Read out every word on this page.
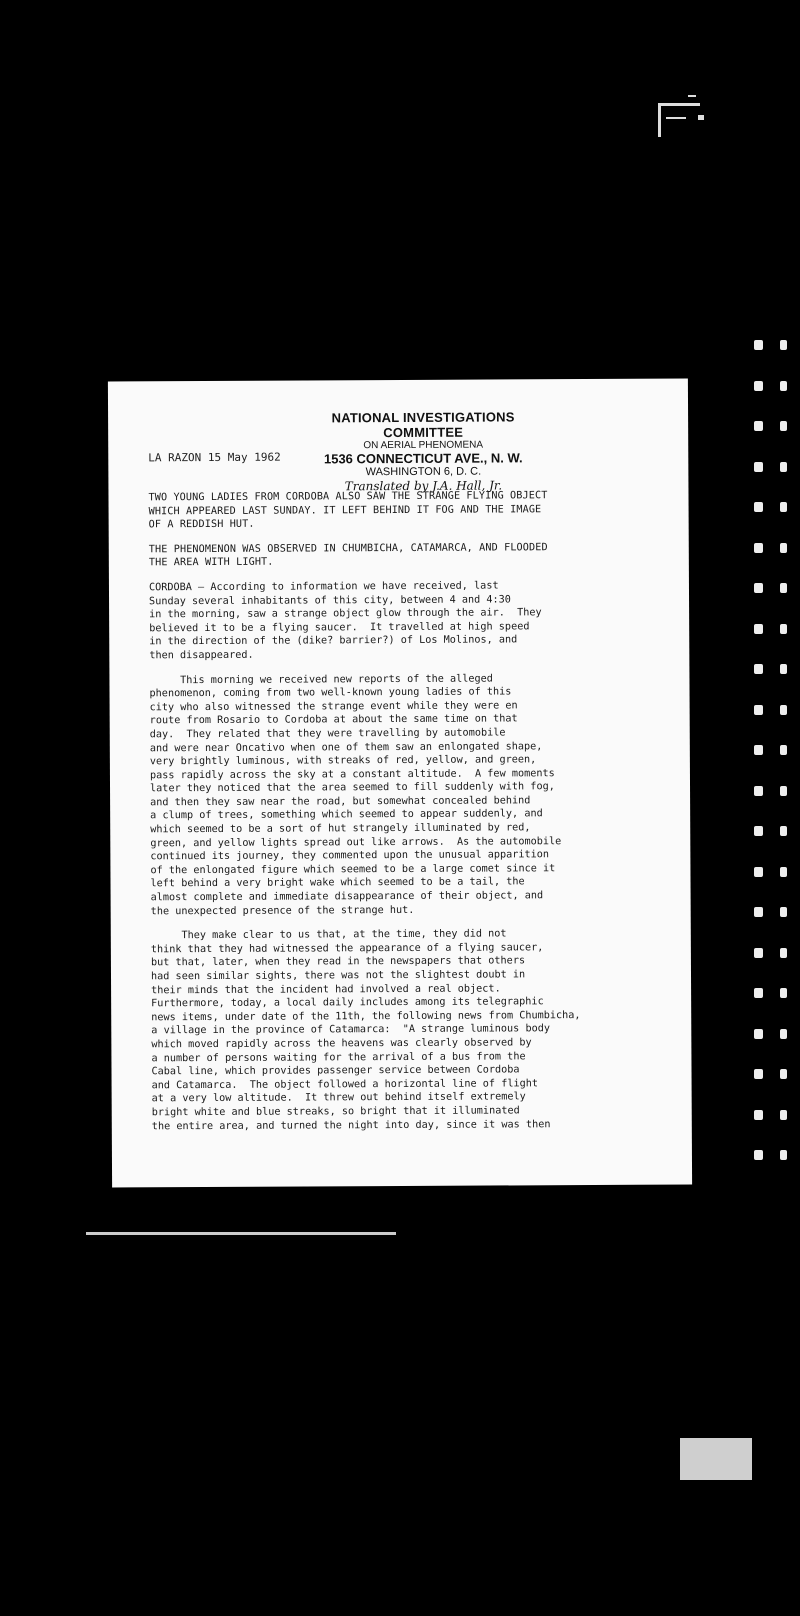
NATIONAL INVESTIGATIONS COMMITTEE
ON AERIAL PHENOMENA
1536 CONNECTICUT AVE., N. W.
WASHINGTON 6, D. C.
Translated by J.A. Hall, Jr.
LA RAZON 15 May 1962

TWO YOUNG LADIES FROM CORDOBA ALSO SAW THE STRANGE FLYING OBJECT
WHICH APPEARED LAST SUNDAY. IT LEFT BEHIND IT FOG AND THE IMAGE
OF A REDDISH HUT.

THE PHENOMENON WAS OBSERVED IN CHUMBICHA, CATAMARCA, AND FLOODED
THE AREA WITH LIGHT.

CORDOBA — According to information we have received, last
Sunday several inhabitants of this city, between 4 and 4:30
in the morning, saw a strange object glow through the air.  They
believed it to be a flying saucer.  It travelled at high speed
in the direction of the (dike? barrier?) of Los Molinos, and
then disappeared.

This morning we received new reports of the alleged
phenomenon, coming from two well-known young ladies of this
city who also witnessed the strange event while they were en
route from Rosario to Cordoba at about the same time on that
day.  They related that they were travelling by automobile
and were near Oncativo when one of them saw an enlongated shape,
very brightly luminous, with streaks of red, yellow, and green,
pass rapidly across the sky at a constant altitude.  A few moments
later they noticed that the area seemed to fill suddenly with fog,
and then they saw near the road, but somewhat concealed behind
a clump of trees, something which seemed to appear suddenly, and
which seemed to be a sort of hut strangely illuminated by red,
green, and yellow lights spread out like arrows.  As the automobile
continued its journey, they commented upon the unusual apparition
of the enlongated figure which seemed to be a large comet since it
left behind a very bright wake which seemed to be a tail, the
almost complete and immediate disappearance of their object, and
the unexpected presence of the strange hut.

They make clear to us that, at the time, they did not
think that they had witnessed the appearance of a flying saucer,
but that, later, when they read in the newspapers that others
had seen similar sights, there was not the slightest doubt in
their minds that the incident had involved a real object.
Furthermore, today, a local daily includes among its telegraphic
news items, under date of the 11th, the following news from Chumbicha,
a village in the province of Catamarca:  "A strange luminous body
which moved rapidly across the heavens was clearly observed by
a number of persons waiting for the arrival of a bus from the
Cabal line, which provides passenger service between Cordoba
and Catamarca.  The object followed a horizontal line of flight
at a very low altitude.  It threw out behind itself extremely
bright white and blue streaks, so bright that it illuminated
the entire area, and turned the night into day, since it was then
